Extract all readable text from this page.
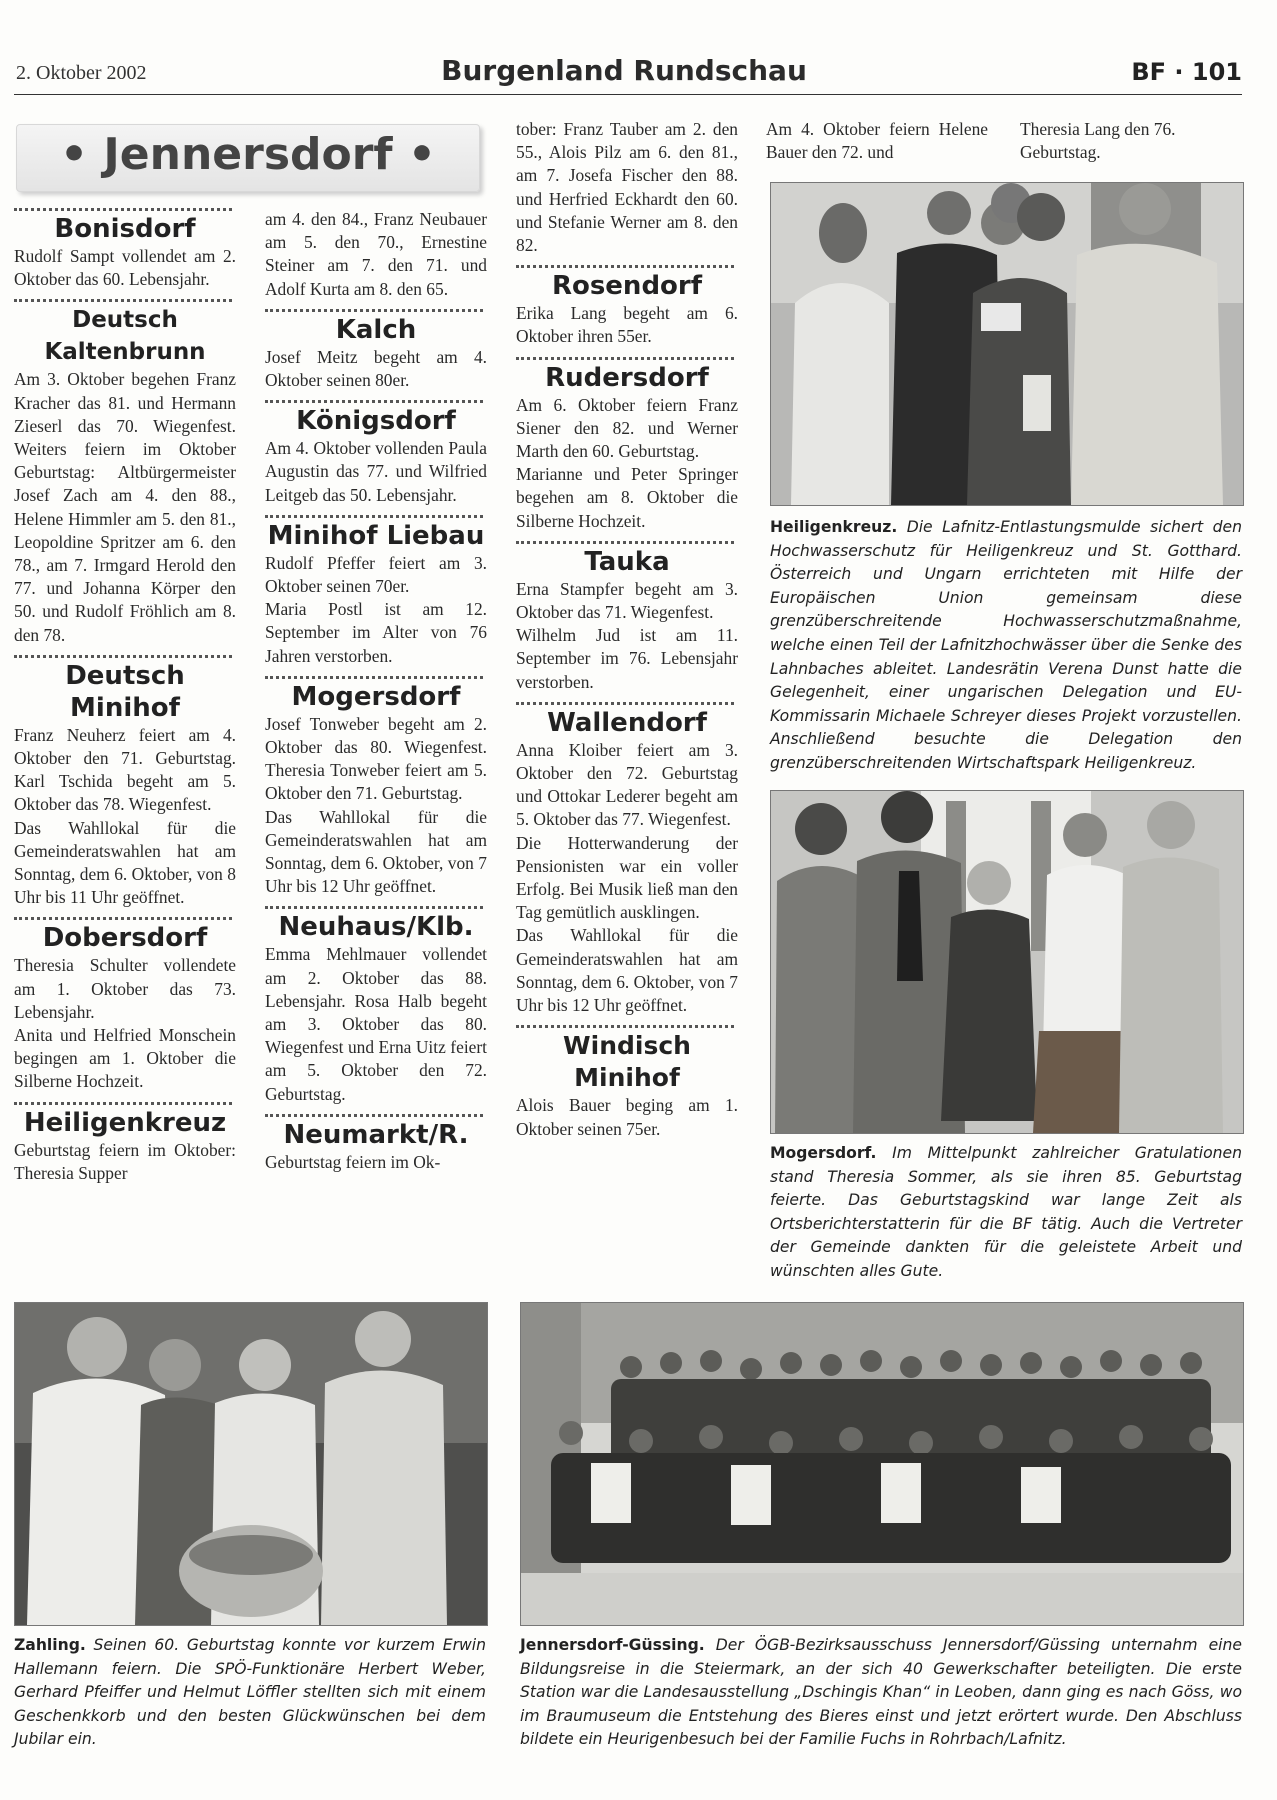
2. Oktober 2002	Burgenland Rundschau	BF · 101
• Jennersdorf •
Bonisdorf

Rudolf Sampt vollendet am 2. Oktober das 60. Lebensjahr.

Deutsch Kaltenbrunn

Am 3. Oktober begehen Franz Kracher das 81. und Hermann Zieserl das 70. Wiegenfest. Weiters feiern im Oktober Geburtstag: Altbürgermeister Josef Zach am 4. den 88., Helene Himmler am 5. den 81., Leopoldine Spritzer am 6. den 78., am 7. Irmgard Herold den 77. und Johanna Körper den 50. und Rudolf Fröhlich am 8. den 78.

Deutsch Minihof

Franz Neuherz feiert am 4. Oktober den 71. Geburtstag. Karl Tschida begeht am 5. Oktober das 78. Wiegenfest.

Das Wahllokal für die Gemeinderatswahlen hat am Sonntag, dem 6. Oktober, von 8 Uhr bis 11 Uhr geöffnet.

Dobersdorf

Theresia Schulter vollendete am 1. Oktober das 73. Lebensjahr.

Anita und Helfried Monschein begingen am 1. Oktober die Silberne Hochzeit.

Heiligenkreuz

Geburtstag feiern im Oktober: Theresia Supper

am 4. den 84., Franz Neubauer am 5. den 70., Ernestine Steiner am 7. den 71. und Adolf Kurta am 8. den 65.

Kalch

Josef Meitz begeht am 4. Oktober seinen 80er.

Königsdorf

Am 4. Oktober vollenden Paula Augustin das 77. und Wilfried Leitgeb das 50. Lebensjahr.

Minihof Liebau

Rudolf Pfeffer feiert am 3. Oktober seinen 70er.

Maria Postl ist am 12. September im Alter von 76 Jahren verstorben.

Mogersdorf

Josef Tonweber begeht am 2. Oktober das 80. Wiegenfest. Theresia Tonweber feiert am 5. Oktober den 71. Geburtstag.

Das Wahllokal für die Gemeinderatswahlen hat am Sonntag, dem 6. Oktober, von 7 Uhr bis 12 Uhr geöffnet.

Neuhaus/Klb.

Emma Mehlmauer vollendet am 2. Oktober das 88. Lebensjahr. Rosa Halb begeht am 3. Oktober das 80. Wiegenfest und Erna Uitz feiert am 5. Oktober den 72. Geburtstag.

Neumarkt/R.

Geburtstag feiern im Ok-

tober: Franz Tauber am 2. den 55., Alois Pilz am 6. den 81., am 7. Josefa Fischer den 88. und Herfried Eckhardt den 60. und Stefanie Werner am 8. den 82.

Rosendorf

Erika Lang begeht am 6. Oktober ihren 55er.

Rudersdorf

Am 6. Oktober feiern Franz Siener den 82. und Werner Marth den 60. Geburtstag.

Marianne und Peter Springer begehen am 8. Oktober die Silberne Hochzeit.

Tauka

Erna Stampfer begeht am 3. Oktober das 71. Wiegenfest.

Wilhelm Jud ist am 11. September im 76. Lebensjahr verstorben.

Wallendorf

Anna Kloiber feiert am 3. Oktober den 72. Geburtstag und Ottokar Lederer begeht am 5. Oktober das 77. Wiegenfest.

Die Hotterwanderung der Pensionisten war ein voller Erfolg. Bei Musik ließ man den Tag gemütlich ausklingen.

Das Wahllokal für die Gemeinderatswahlen hat am Sonntag, dem 6. Oktober, von 7 Uhr bis 12 Uhr geöffnet.

Windisch Minihof

Alois Bauer beging am 1. Oktober seinen 75er.

Am 4. Oktober feiern Helene Bauer den 72. und

Theresia Lang den 76. Geburtstag.

Heiligenkreuz. Die Lafnitz-Entlastungsmulde sichert den Hochwasserschutz für Heiligenkreuz und St. Gotthard. Österreich und Ungarn errichteten mit Hilfe der Europäischen Union gemeinsam diese grenzüberschreitende Hochwasserschutzmaßnahme, welche einen Teil der Lafnitzhochwässer über die Senke des Lahnbaches ableitet. Landesrätin Verena Dunst hatte die Gelegenheit, einer ungarischen Delegation und EU-Kommissarin Michaele Schreyer dieses Projekt vorzustellen. Anschließend besuchte die Delegation den grenzüberschreitenden Wirtschaftspark Heiligenkreuz.
Mogersdorf. Im Mittelpunkt zahlreicher Gratulationen stand Theresia Sommer, als sie ihren 85. Geburtstag feierte. Das Geburtstagskind war lange Zeit als Ortsberichterstatterin für die BF tätig. Auch die Vertreter der Gemeinde dankten für die geleistete Arbeit und wünschten alles Gute.
Zahling. Seinen 60. Geburtstag konnte vor kurzem Erwin Hallemann feiern. Die SPÖ-Funktionäre Herbert Weber, Gerhard Pfeiffer und Helmut Löffler stellten sich mit einem Geschenkkorb und den besten Glückwünschen bei dem Jubilar ein.
Jennersdorf-Güssing. Der ÖGB-Bezirksausschuss Jennersdorf/Güssing unternahm eine Bildungsreise in die Steiermark, an der sich 40 Gewerkschafter beteiligten. Die erste Station war die Landesausstellung „Dschingis Khan“ in Leoben, dann ging es nach Göss, wo im Braumuseum die Entstehung des Bieres einst und jetzt erörtert wurde. Den Abschluss bildete ein Heurigenbesuch bei der Familie Fuchs in Rohrbach/Lafnitz.
